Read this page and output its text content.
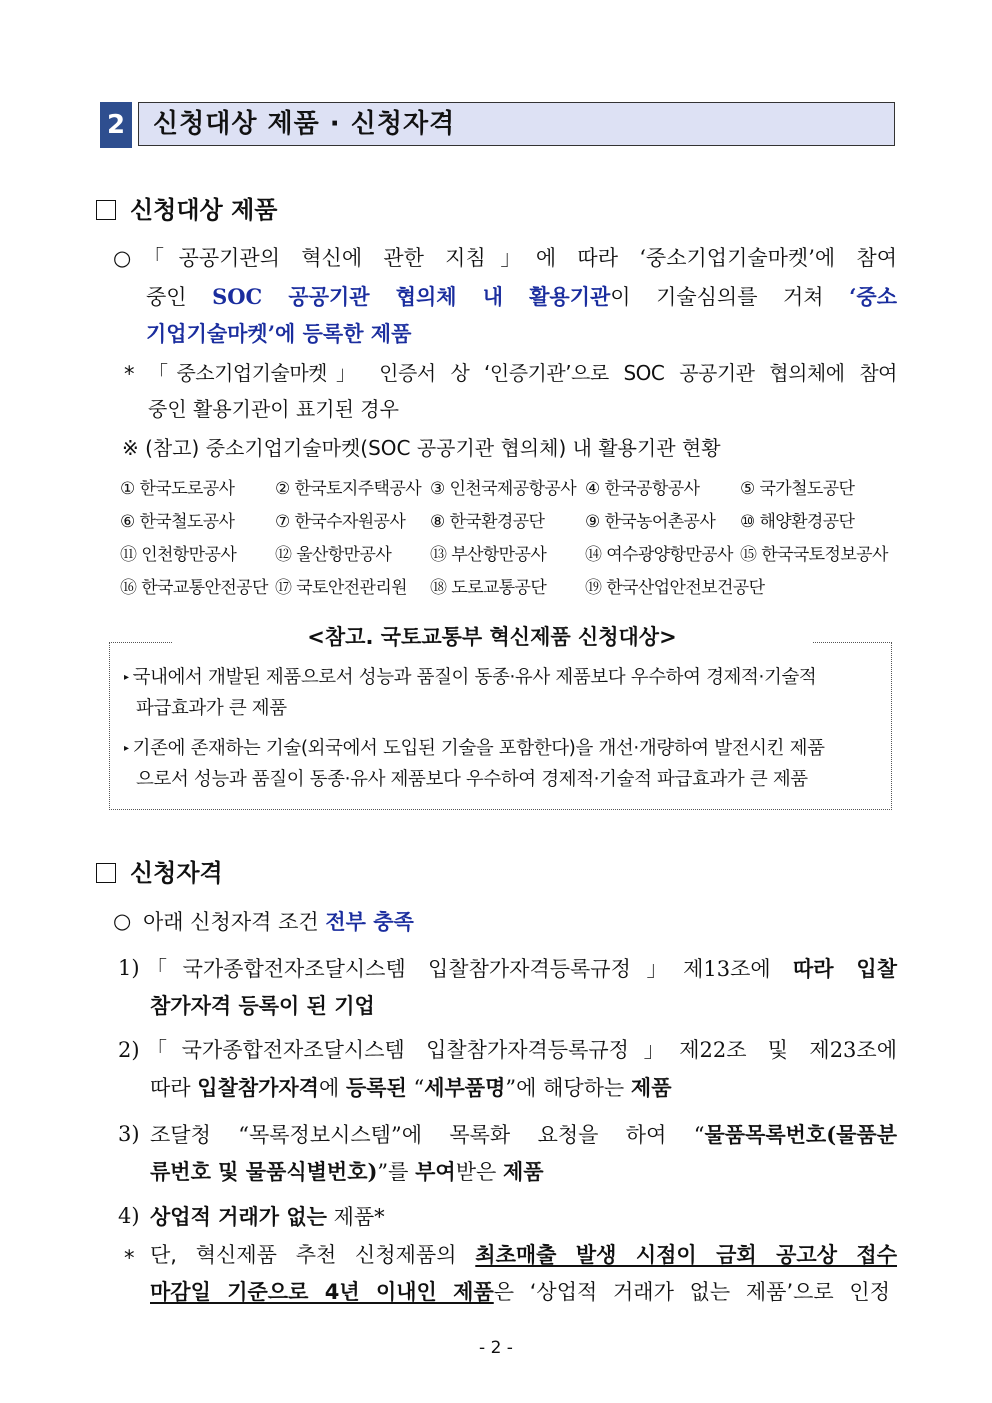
2	신청대상 제품 · 신청자격
신청대상 제품
○ 「공공기관의 혁신에 관한 지침」에 따라 ‘중소기업기술마켓’에 참여
중인 SOC 공공기관 협의체 내 활용기관이 기술심의를 거쳐 ‘중소
기업기술마켓’에 등록한 제품
* 「중소기업기술마켓」 인증서 상 ‘인증기관’으로 SOC 공공기관 협의체에 참여
중인 활용기관이 표기된 경우
※ (참고) 중소기업기술마켓(SOC 공공기관 협의체) 내 활용기관 현황
① 한국도로공사 ② 한국토지주택공사 ③ 인천국제공항공사 ④ 한국공항공사 ⑤ 국가철도공단
⑥ 한국철도공사 ⑦ 한국수자원공사 ⑧ 한국환경공단 ⑨ 한국농어촌공사 ⑩ 해양환경공단
⑪ 인천항만공사 ⑫ 울산항만공사 ⑬ 부산항만공사 ⑭ 여수광양항만공사 ⑮ 한국국토정보공사
⑯ 한국교통안전공단 ⑰ 국토안전관리원 ⑱ 도로교통공단 ⑲ 한국산업안전보건공단
<참고. 국토교통부 혁신제품 신청대상>
▸ 국내에서 개발된 제품으로서 성능과 품질이 동종·유사 제품보다 우수하여 경제적·기술적
파급효과가 큰 제품
▸ 기존에 존재하는 기술(외국에서 도입된 기술을 포함한다)을 개선·개량하여 발전시킨 제품
으로서 성능과 품질이 동종·유사 제품보다 우수하여 경제적·기술적 파급효과가 큰 제품
신청자격
○ 아래 신청자격 조건 전부 충족
1) 「국가종합전자조달시스템 입찰참가자격등록규정」제13조에 따라 입찰
참가자격 등록이 된 기업
2) 「국가종합전자조달시스템 입찰참가자격등록규정」제22조 및 제23조에
따라 입찰참가자격에 등록된 “세부품명”에 해당하는 제품
3) 조달청 “목록정보시스템”에 목록화 요청을 하여 “물품목록번호(물품분
류번호 및 물품식별번호)”를 부여받은 제품
4) 상업적 거래가 없는 제품*
* 단, 혁신제품 추천 신청제품의 최초매출 발생 시점이 금회 공고상 접수
마감일 기준으로 4년 이내인 제품은 ‘상업적 거래가 없는 제품’으로 인정
- 2 -
